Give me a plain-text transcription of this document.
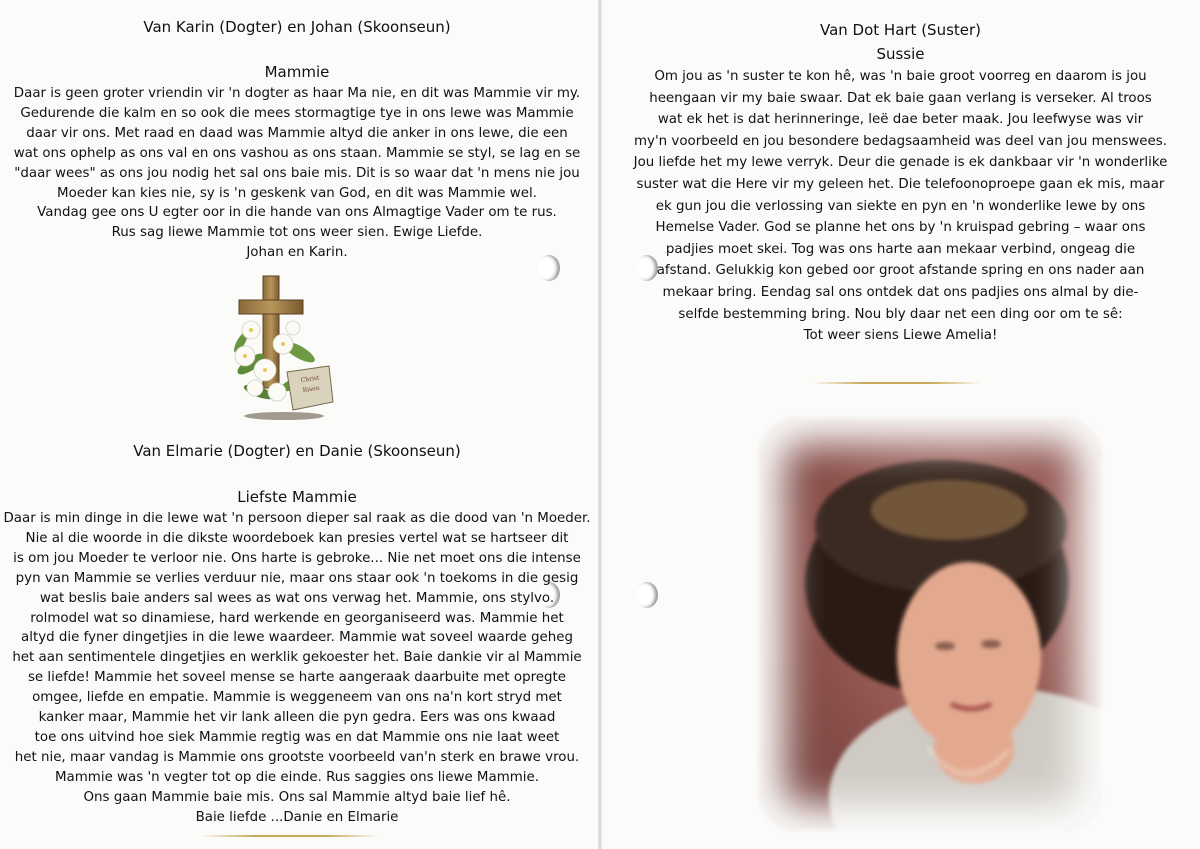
Van Karin (Dogter) en Johan (Skoonseun)
Mammie
Daar is geen groter vriendin vir 'n dogter as haar Ma nie, en dit was Mammie vir my.
Gedurende die kalm en so ook die mees stormagtige tye in ons lewe was Mammie
daar vir ons. Met raad en daad was Mammie altyd die anker in ons lewe, die een
wat ons ophelp as ons val en ons vashou as ons staan. Mammie se styl, se lag en se
"daar wees" as ons jou nodig het sal ons baie mis. Dit is so waar dat 'n mens nie jou
Moeder kan kies nie, sy is 'n geskenk van God, en dit was Mammie wel.
Vandag gee ons U egter oor in die hande van ons Almagtige Vader om te rus.
Rus sag liewe Mammie tot ons weer sien. Ewige Liefde.
Johan en Karin.
Christ
Risen
Van Elmarie (Dogter) en Danie (Skoonseun)
Liefste Mammie
Daar is min dinge in die lewe wat 'n persoon dieper sal raak as die dood van 'n Moeder.
Nie al die woorde in die dikste woordeboek kan presies vertel wat se hartseer dit
is om jou Moeder te verloor nie. Ons harte is gebroke... Nie net moet ons die intense
pyn van Mammie se verlies verduur nie, maar ons staar ook 'n toekoms in die gesig
wat beslis baie anders sal wees as wat ons verwag het. Mammie, ons stylvo.
rolmodel wat so dinamiese, hard werkende en georganiseerd was. Mammie het
altyd die fyner dingetjies in die lewe waardeer. Mammie wat soveel waarde geheg
het aan sentimentele dingetjies en werklik gekoester het. Baie dankie vir al Mammie
se liefde! Mammie het soveel mense se harte aangeraak daarbuite met opregte
omgee, liefde en empatie. Mammie is weggeneem van ons na'n kort stryd met
kanker maar, Mammie het vir lank alleen die pyn gedra. Eers was ons kwaad
toe ons uitvind hoe siek Mammie regtig was en dat Mammie ons nie laat weet
het nie, maar vandag is Mammie ons grootste voorbeeld van'n sterk en brawe vrou.
Mammie was 'n vegter tot op die einde. Rus saggies ons liewe Mammie.
Ons gaan Mammie baie mis. Ons sal Mammie altyd baie lief hê.
Baie liefde ...Danie en Elmarie
Van Dot Hart (Suster)
Sussie
Om jou as 'n suster te kon hê, was 'n baie groot voorreg en daarom is jou
heengaan vir my baie swaar. Dat ek baie gaan verlang is verseker. Al troos
wat ek het is dat herinneringe, leë dae beter maak. Jou leefwyse was vir
my'n voorbeeld en jou besondere bedagsaamheid was deel van jou menswees.
Jou liefde het my lewe verryk. Deur die genade is ek dankbaar vir 'n wonderlike
suster wat die Here vir my geleen het. Die telefoonoproepe gaan ek mis, maar
ek gun jou die verlossing van siekte en pyn en 'n wonderlike lewe by ons
Hemelse Vader. God se planne het ons by 'n kruispad gebring – waar ons
padjies moet skei. Tog was ons harte aan mekaar verbind, ongeag die
afstand. Gelukkig kon gebed oor groot afstande spring en ons nader aan
mekaar bring. Eendag sal ons ontdek dat ons padjies ons almal by die-
selfde bestemming bring. Nou bly daar net een ding oor om te sê:
Tot weer siens Liewe Amelia!
